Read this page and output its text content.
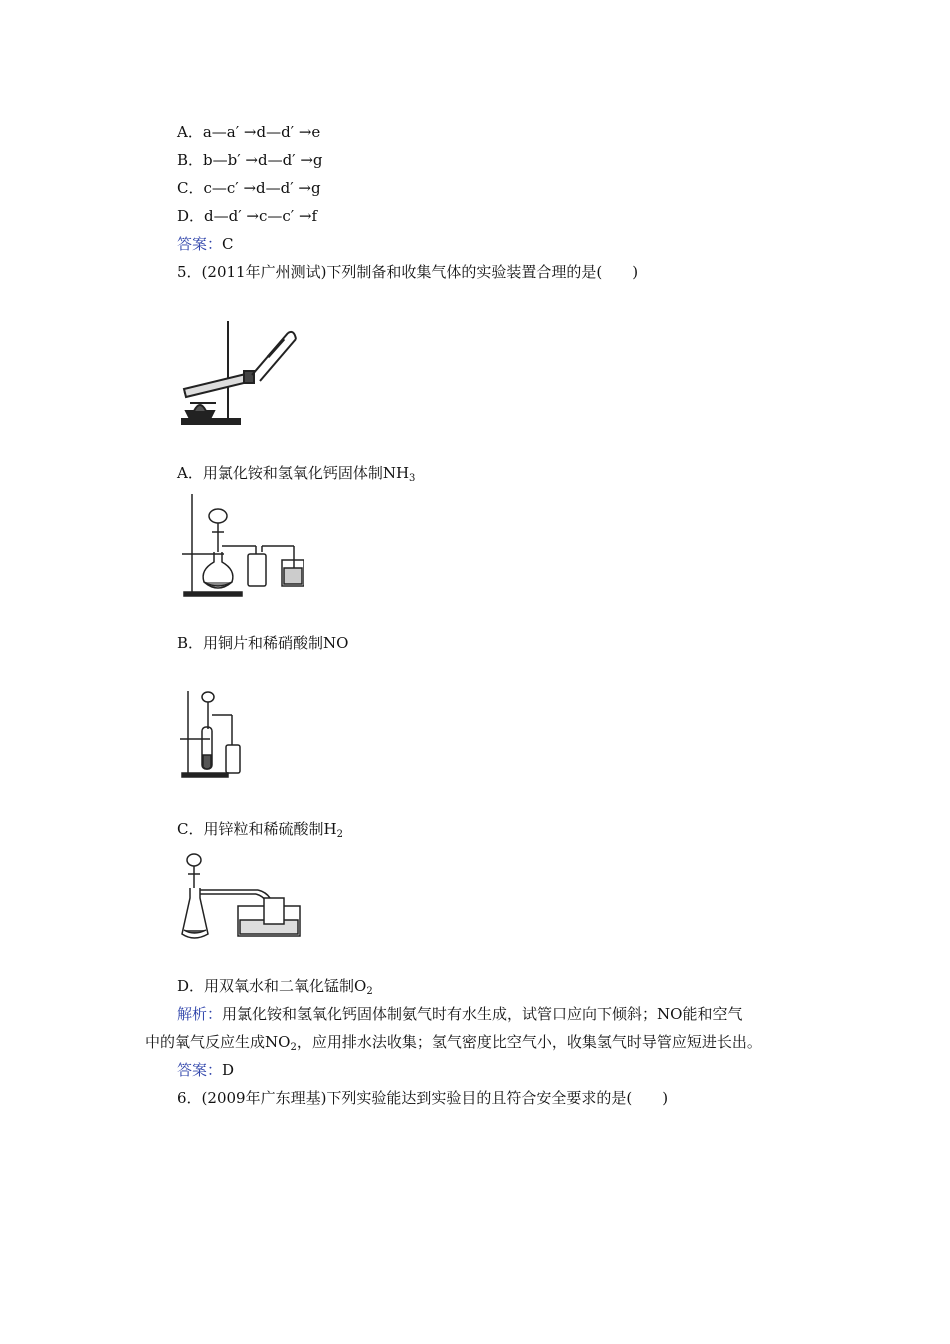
A．a—a′ →d—d′ →e
B．b—b′ →d—d′ →g
C．c—c′ →d—d′ →g
D．d—d′ →c—c′ →f
答案：C
5．(2011年广州测试)下列制备和收集气体的实验装置合理的是(　　)
A．用氯化铵和氢氧化钙固体制$NH_3$
B．用铜片和稀硝酸制NO
C．用锌粒和稀硫酸制$H_2$
D．用双氧水和二氧化锰制$O_2$
解析：用氯化铵和氢氧化钙固体制氨气时有水生成，试管口应向下倾斜；NO能和空气
中的氧气反应生成$NO_2$，应用排水法收集；氢气密度比空气小，收集氢气时导管应短进长出。
答案：D
6．(2009年广东理基)下列实验能达到实验目的且符合安全要求的是(　　)
